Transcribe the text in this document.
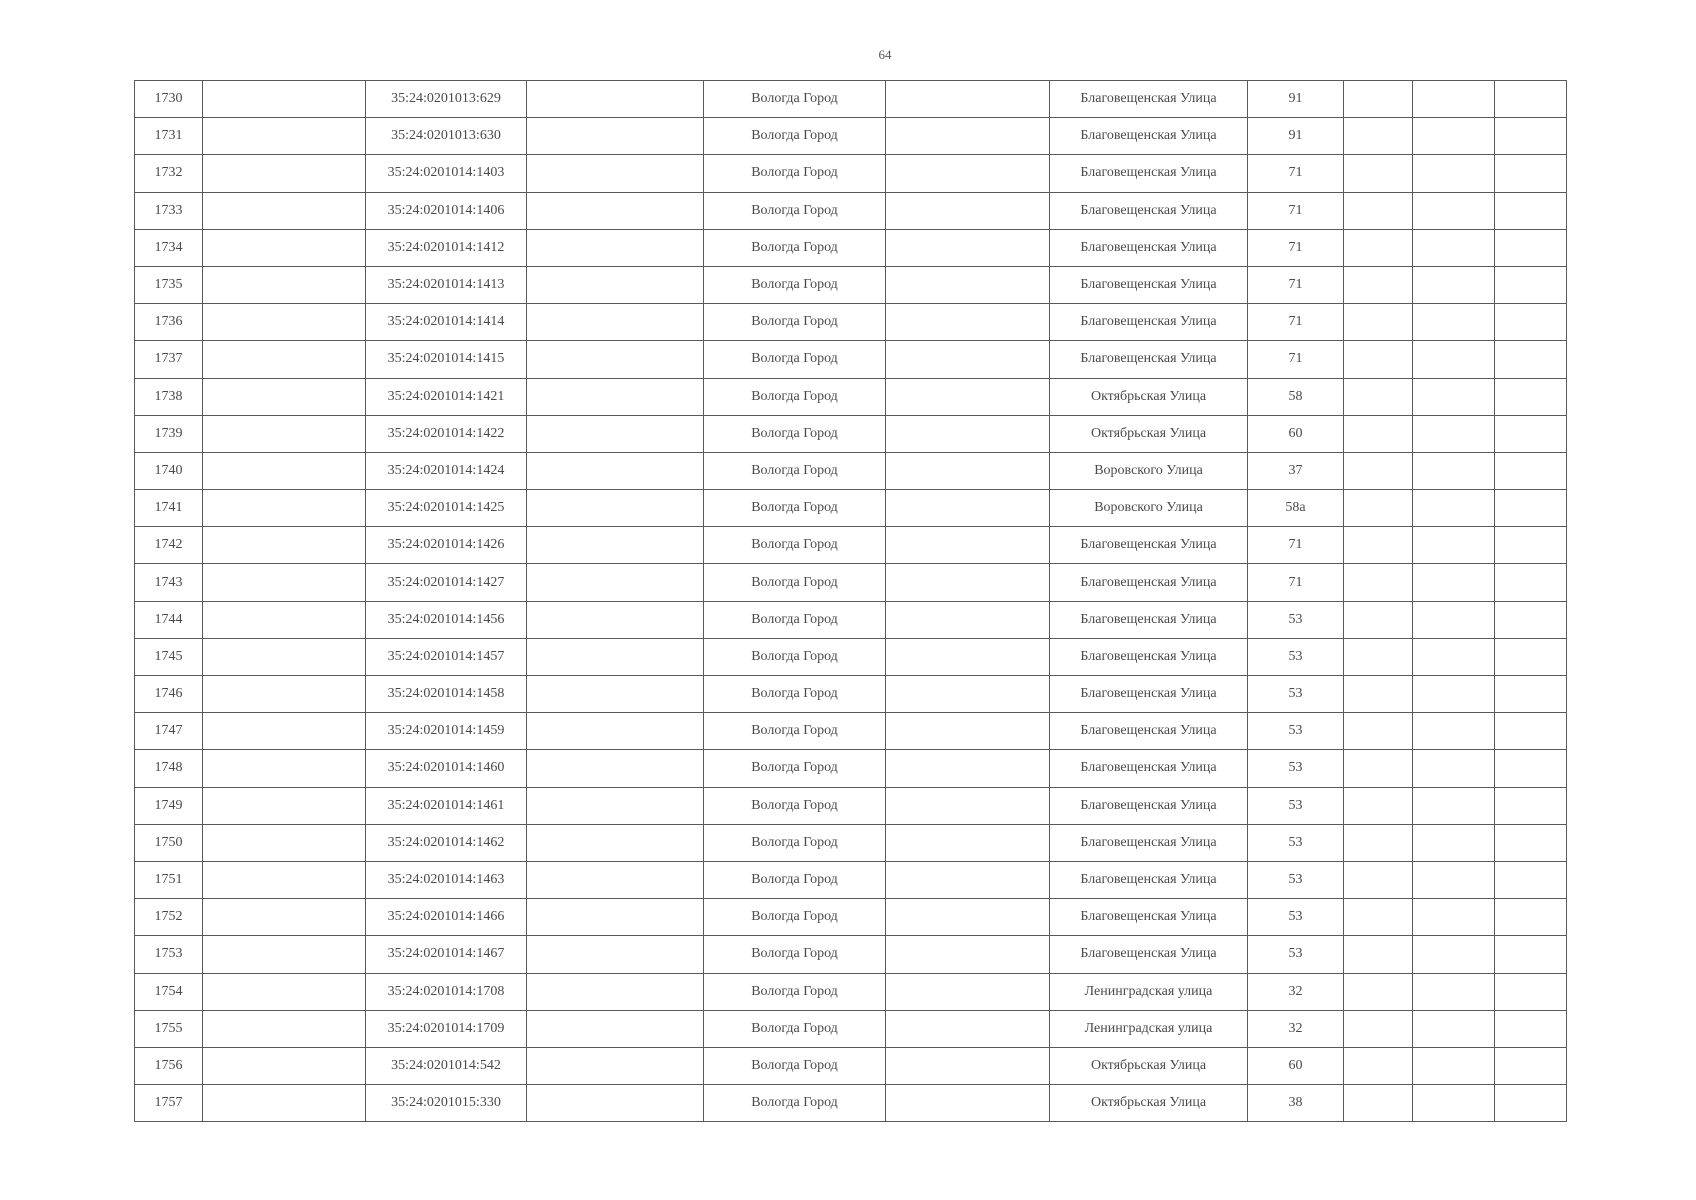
64
1730		35:24:0201013:629		Вологда Город		Благовещенская Улица	91			
1731		35:24:0201013:630		Вологда Город		Благовещенская Улица	91			
1732		35:24:0201014:1403		Вологда Город		Благовещенская Улица	71			
1733		35:24:0201014:1406		Вологда Город		Благовещенская Улица	71			
1734		35:24:0201014:1412		Вологда Город		Благовещенская Улица	71			
1735		35:24:0201014:1413		Вологда Город		Благовещенская Улица	71			
1736		35:24:0201014:1414		Вологда Город		Благовещенская Улица	71			
1737		35:24:0201014:1415		Вологда Город		Благовещенская Улица	71			
1738		35:24:0201014:1421		Вологда Город		Октябрьская Улица	58			
1739		35:24:0201014:1422		Вологда Город		Октябрьская Улица	60			
1740		35:24:0201014:1424		Вологда Город		Воровского Улица	37			
1741		35:24:0201014:1425		Вологда Город		Воровского Улица	58а			
1742		35:24:0201014:1426		Вологда Город		Благовещенская Улица	71			
1743		35:24:0201014:1427		Вологда Город		Благовещенская Улица	71			
1744		35:24:0201014:1456		Вологда Город		Благовещенская Улица	53			
1745		35:24:0201014:1457		Вологда Город		Благовещенская Улица	53			
1746		35:24:0201014:1458		Вологда Город		Благовещенская Улица	53			
1747		35:24:0201014:1459		Вологда Город		Благовещенская Улица	53			
1748		35:24:0201014:1460		Вологда Город		Благовещенская Улица	53			
1749		35:24:0201014:1461		Вологда Город		Благовещенская Улица	53			
1750		35:24:0201014:1462		Вологда Город		Благовещенская Улица	53			
1751		35:24:0201014:1463		Вологда Город		Благовещенская Улица	53			
1752		35:24:0201014:1466		Вологда Город		Благовещенская Улица	53			
1753		35:24:0201014:1467		Вологда Город		Благовещенская Улица	53			
1754		35:24:0201014:1708		Вологда Город		Ленинградская улица	32			
1755		35:24:0201014:1709		Вологда Город		Ленинградская улица	32			
1756		35:24:0201014:542		Вологда Город		Октябрьская Улица	60			
1757		35:24:0201015:330		Вологда Город		Октябрьская Улица	38			
